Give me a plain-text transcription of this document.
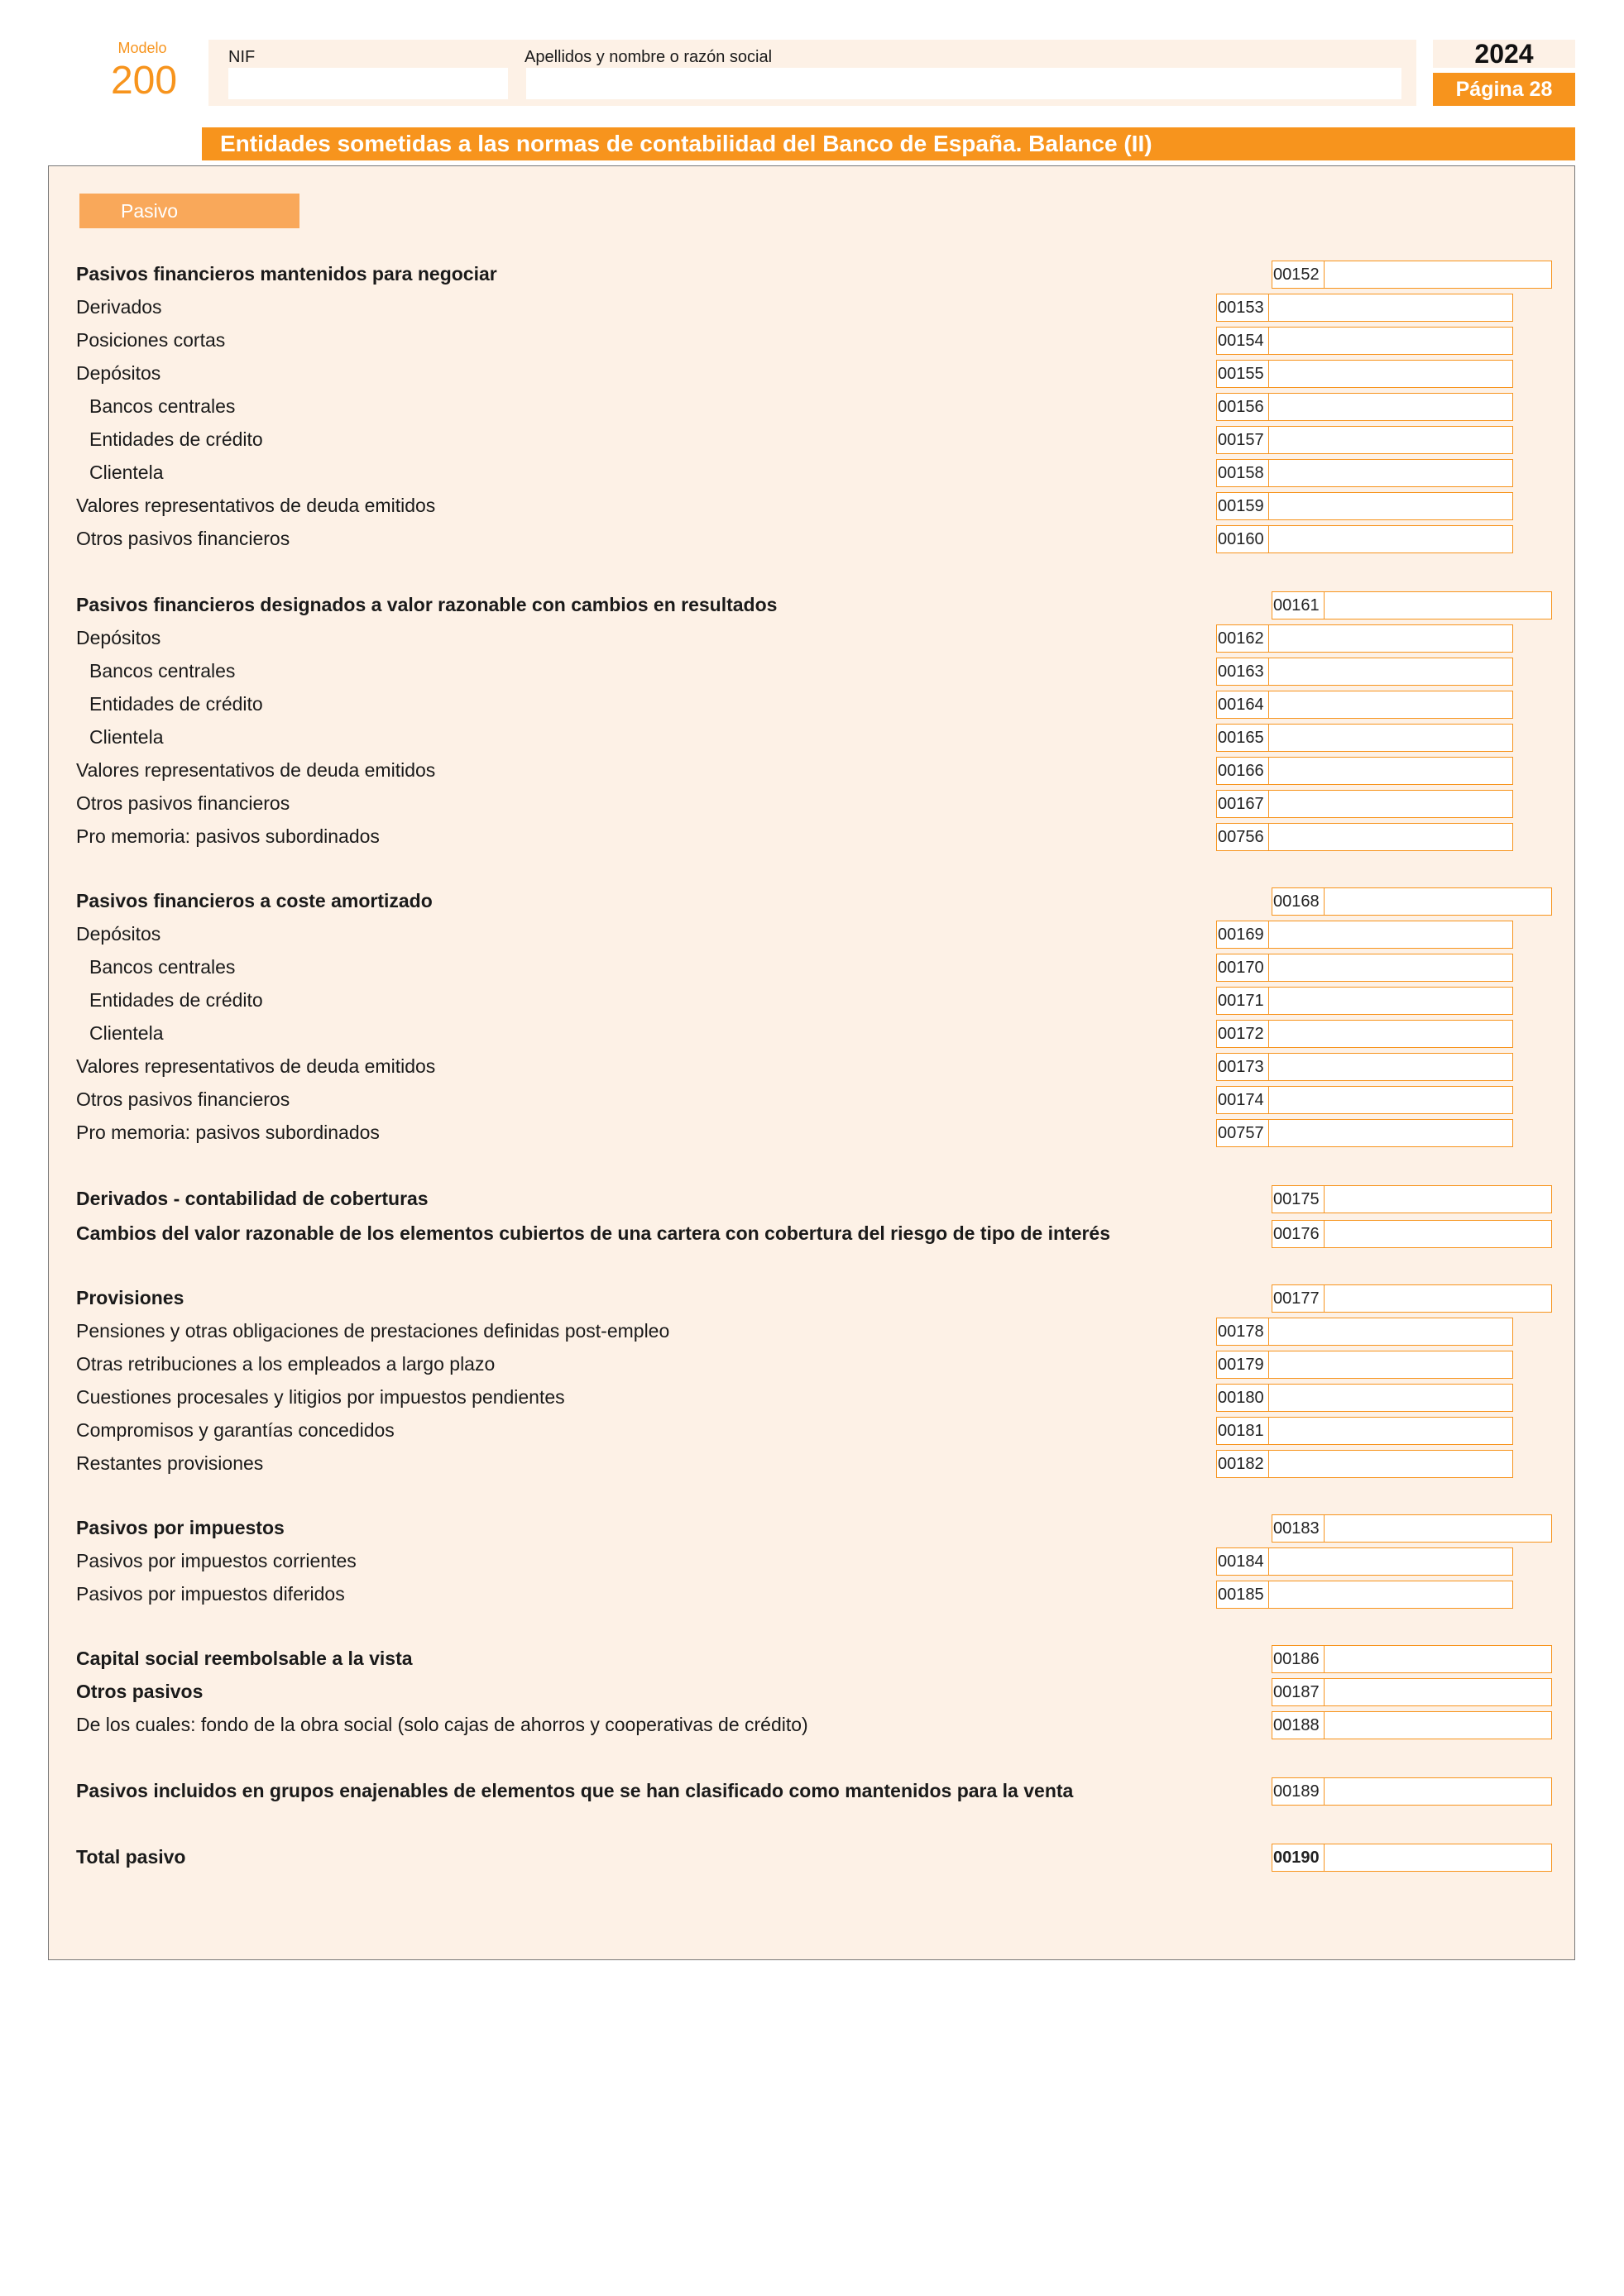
Modelo
200
NIF	Apellidos y nombre o razón social	2024
Página 28
Entidades sometidas a las normas de contabilidad del Banco de España. Balance (II)
Pasivo
Pasivos financieros mantenidos para negociar	00152
Derivados	00153
Posiciones cortas	00154
Depósitos	00155
Bancos centrales	00156
Entidades de crédito	00157
Clientela	00158
Valores representativos de deuda emitidos	00159
Otros pasivos financieros	00160
Pasivos financieros designados a valor razonable con cambios en resultados	00161
Depósitos	00162
Bancos centrales	00163
Entidades de crédito	00164
Clientela	00165
Valores representativos de deuda emitidos	00166
Otros pasivos financieros	00167
Pro memoria: pasivos subordinados	00756
Pasivos financieros a coste amortizado	00168
Depósitos	00169
Bancos centrales	00170
Entidades de crédito	00171
Clientela	00172
Valores representativos de deuda emitidos	00173
Otros pasivos financieros	00174
Pro memoria: pasivos subordinados	00757
Derivados - contabilidad de coberturas	00175
Cambios del valor razonable de los elementos cubiertos de una cartera con cobertura del riesgo de tipo de interés	00176
Provisiones	00177
Pensiones y otras obligaciones de prestaciones definidas post-empleo	00178
Otras retribuciones a los empleados a largo plazo	00179
Cuestiones procesales y litigios por impuestos pendientes	00180
Compromisos y garantías concedidos	00181
Restantes provisiones	00182
Pasivos por impuestos	00183
Pasivos por impuestos corrientes	00184
Pasivos por impuestos diferidos	00185
Capital social reembolsable a la vista	00186
Otros pasivos	00187
De los cuales: fondo de la obra social (solo cajas de ahorros y cooperativas de crédito)	00188
Pasivos incluidos en grupos enajenables de elementos que se han clasificado como mantenidos para la venta	00189
Total pasivo	00190
